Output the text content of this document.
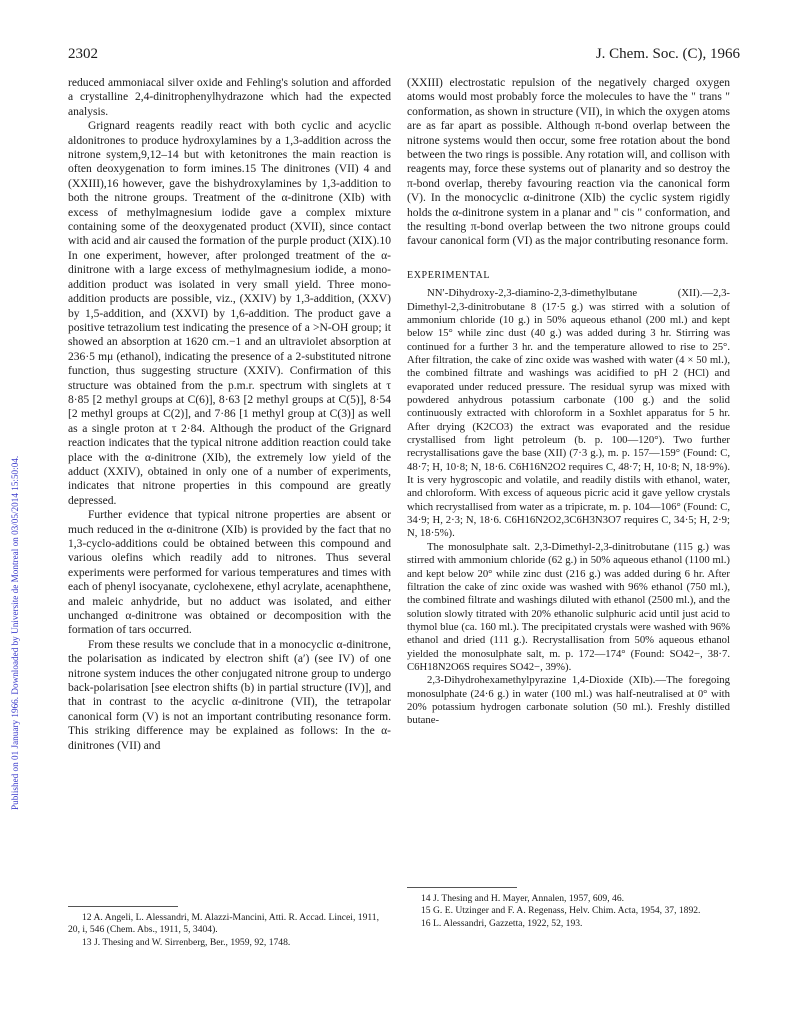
2302	J. Chem. Soc. (C), 1966
Published on 01 January 1966. Downloaded by Universite de Montreal on 03/05/2014 15:50:04.

reduced ammoniacal silver oxide and Fehling's solution and afforded a crystalline 2,4-dinitrophenylhydrazone which had the expected analysis.

Grignard reagents readily react with both cyclic and acyclic aldonitrones to produce hydroxylamines by a 1,3-addition across the nitrone system,9,12–14 but with ketonitrones the main reaction is often deoxygenation to form imines.15 The dinitrones (VII) 4 and (XXIII),16 however, gave the bishydroxylamines by 1,3-addition to both the nitrone groups. Treatment of the α-dinitrone (XIb) with excess of methylmagnesium iodide gave a complex mixture containing some of the deoxygenated product (XVII), since contact with acid and air caused the formation of the purple product (XIX).10 In one experiment, however, after prolonged treatment of the α-dinitrone with a large excess of methylmagnesium iodide, a mono-addition product was isolated in very small yield. Three mono-addition products are possible, viz., (XXIV) by 1,3-addition, (XXV) by 1,5-addition, and (XXVI) by 1,6-addition. The product gave a positive tetrazolium test indicating the presence of a >N-OH group; it showed an absorption at 1620 cm.−1 and an ultraviolet absorption at 236·5 mμ (ethanol), indicating the presence of a 2-substituted nitrone function, thus suggesting structure (XXIV). Confirmation of this structure was obtained from the p.m.r. spectrum with singlets at τ 8·85 [2 methyl groups at C(6)], 8·63 [2 methyl groups at C(5)], 8·54 [2 methyl groups at C(2)], and 7·86 [1 methyl group at C(3)] as well as a single proton at τ 2·84. Although the product of the Grignard reaction indicates that the typical nitrone addition reaction could take place with the α-dinitrone (XIb), the extremely low yield of the adduct (XXIV), obtained in only one of a number of experiments, indicates that nitrone properties in this compound are greatly depressed.

Further evidence that typical nitrone properties are absent or much reduced in the α-dinitrone (XIb) is provided by the fact that no 1,3-cyclo-additions could be obtained between this compound and various olefins which readily add to nitrones. Thus several experiments were performed for various temperatures and times with each of phenyl isocyanate, cyclohexene, ethyl acrylate, acenaphthene, and maleic anhydride, but no adduct was isolated, and either unchanged α-dinitrone was obtained or decomposition with the formation of tars occurred.

From these results we conclude that in a monocyclic α-dinitrone, the polarisation as indicated by electron shift (a′) (see IV) of one nitrone system induces the other conjugated nitrone group to undergo back-polarisation [see electron shifts (b) in partial structure (IV)], and that in contrast to the acyclic α-dinitrone (VII), the tetrapolar canonical form (V) is not an important contributing resonance form. This striking difference may be explained as follows: In the α-dinitrones (VII) and

(XXIII) electrostatic repulsion of the negatively charged oxygen atoms would most probably force the molecules to have the " trans " conformation, as shown in structure (VII), in which the oxygen atoms are as far apart as possible. Although π-bond overlap between the nitrone systems would then occur, some free rotation about the bond between the two rings is possible. Any rotation will, and collison with reagents may, force these systems out of planarity and so destroy the π-bond overlap, thereby favouring reaction via the canonical form (V). In the monocyclic α-dinitrone (XIb) the cyclic system rigidly holds the α-dinitrone system in a planar and " cis " conformation, and the resulting π-bond overlap between the two nitrone groups could favour canonical form (VI) as the major contributing resonance form.

EXPERIMENTAL

NN′-Dihydroxy-2,3-diamino-2,3-dimethylbutane (XII).—2,3-Dimethyl-2,3-dinitrobutane 8 (17·5 g.) was stirred with a solution of ammonium chloride (10 g.) in 50% aqueous ethanol (200 ml.) and kept below 15° while zinc dust (40 g.) was added during 3 hr. Stirring was continued for a further 3 hr. and the temperature allowed to rise to 25°. After filtration, the cake of zinc oxide was washed with water (4 × 50 ml.), the combined filtrate and washings was acidified to pH 2 (HCl) and evaporated under reduced pressure. The residual syrup was mixed with powdered anhydrous potassium carbonate (100 g.) and the solid continuously extracted with chloroform in a Soxhlet apparatus for 5 hr. After drying (K2CO3) the extract was evaporated and the residue crystallised from light petroleum (b. p. 100—120°). Two further recrystallisations gave the base (XII) (7·3 g.), m. p. 157—159° (Found: C, 48·7; H, 10·8; N, 18·6. C6H16N2O2 requires C, 48·7; H, 10·8; N, 18·9%). It is very hygroscopic and volatile, and readily distils with ethanol, water, and chloroform. With excess of aqueous picric acid it gave yellow crystals which recrystallised from water as a tripicrate, m. p. 104—106° (Found: C, 34·9; H, 2·3; N, 18·6. C6H16N2O2,3C6H3N3O7 requires C, 34·5; H, 2·9; N, 18·5%).

The monosulphate salt. 2,3-Dimethyl-2,3-dinitrobutane (115 g.) was stirred with ammonium chloride (62 g.) in 50% aqueous ethanol (1100 ml.) and kept below 20° while zinc dust (216 g.) was added during 6 hr. After filtration the cake of zinc oxide was washed with 96% ethanol (750 ml.), the combined filtrate and washings diluted with ethanol (2500 ml.), and the solution slowly titrated with 20% ethanolic sulphuric acid until just acid to thymol blue (ca. 160 ml.). The precipitated crystals were washed with 96% ethanol and dried (111 g.). Recrystallisation from 50% aqueous ethanol yielded the monosulphate salt, m. p. 172—174° (Found: SO42−, 38·7. C6H18N2O6S requires SO42−, 39%).

2,3-Dihydrohexamethylpyrazine 1,4-Dioxide (XIb).—The foregoing monosulphate (24·6 g.) in water (100 ml.) was half-neutralised at 0° with 20% potassium hydrogen carbonate solution (50 ml.). Freshly distilled butane-

12 A. Angeli, L. Alessandri, M. Alazzi-Mancini, Atti. R. Accad. Lincei, 1911, 20, i, 546 (Chem. Abs., 1911, 5, 3404).

13 J. Thesing and W. Sirrenberg, Ber., 1959, 92, 1748.

14 J. Thesing and H. Mayer, Annalen, 1957, 609, 46.

15 G. E. Utzinger and F. A. Regenass, Helv. Chim. Acta, 1954, 37, 1892.

16 L. Alessandri, Gazzetta, 1922, 52, 193.
